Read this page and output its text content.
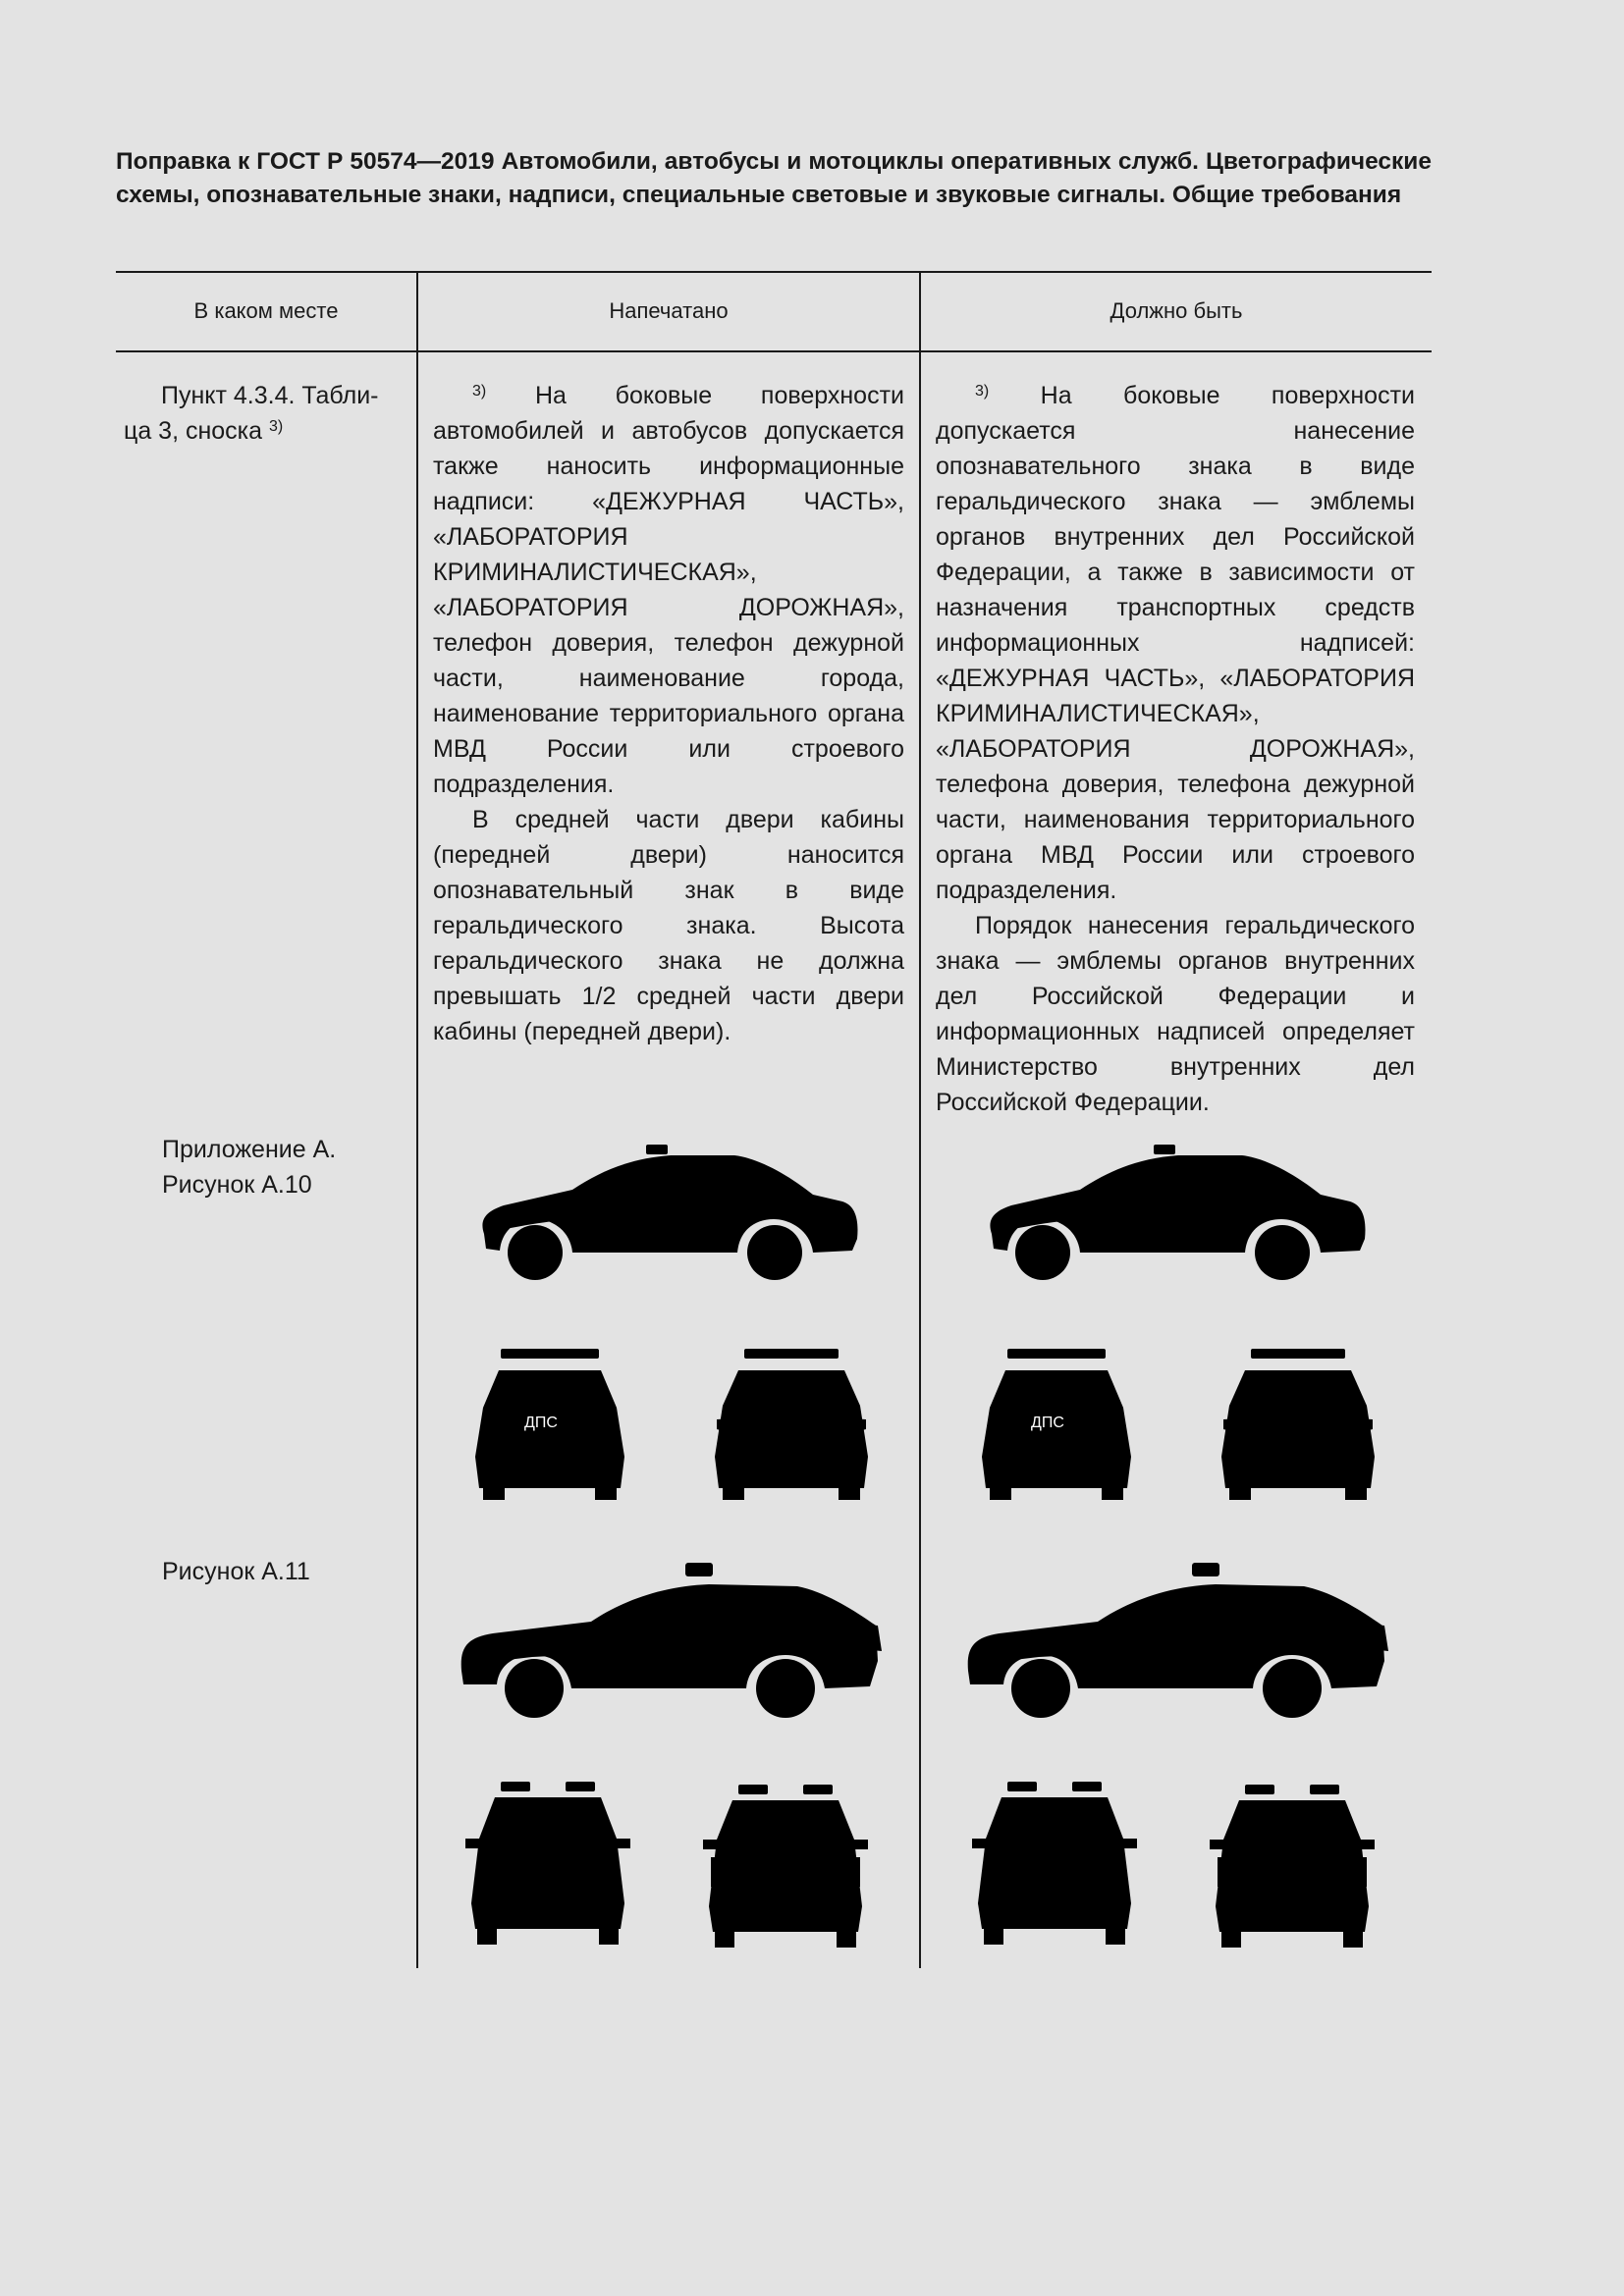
Поправка к ГОСТ Р 50574—2019 Автомобили, автобусы и мотоциклы оперативных служб. Цветографические схемы, опознавательные знаки, надписи, специальные световые и звуковые сигналы. Общие требования
В каком месте	Напечатано	Должно быть
Пункт 4.3.4. Табли-
ца 3, сноска $^{3)}$

$^{3)}$ На боковые поверхности автомобилей и автобусов допускается также наносить информационные надписи: «ДЕЖУРНАЯ ЧАСТЬ», «ЛАБОРАТОРИЯ КРИМИНАЛИСТИЧЕСКАЯ», «ЛАБОРАТОРИЯ ДОРОЖНАЯ», телефон доверия, телефон дежурной части, наименование города, наименование территориального органа МВД России или строевого подразделения.

В средней части двери кабины (передней двери) наносится опознавательный знак в виде геральдического знака. Высота геральдического знака не должна превышать 1/2 средней части двери кабины (передней двери).

$^{3)}$ На боковые поверхности допускается нанесение опознавательного знака в виде геральдического знака — эмблемы органов внутренних дел Российской Федерации, а также в зависимости от назначения транспортных средств информационных надписей: «ДЕЖУРНАЯ ЧАСТЬ», «ЛАБОРАТОРИЯ КРИМИНАЛИСТИЧЕСКАЯ», «ЛАБОРАТОРИЯ ДОРОЖНАЯ», телефона доверия, телефона дежурной части, наименования территориального органа МВД России или строевого подразделения.

Порядок нанесения геральдического знака — эмблемы органов внутренних дел Российской Федерации и информационных надписей определяет Министерство внутренних дел Российской Федерации.

Приложение А.
Рисунок А.10
Рисунок А.11
